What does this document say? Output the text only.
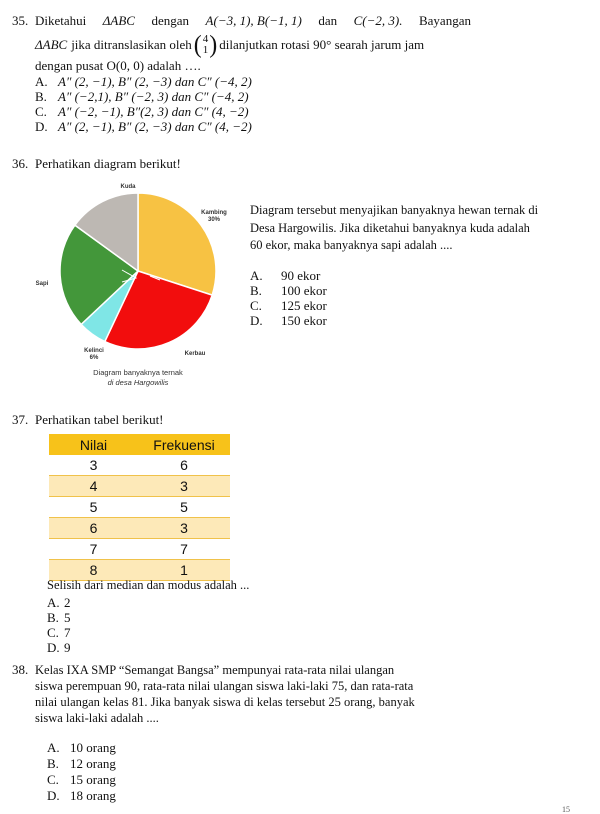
35. Diketahui ΔABC dengan A(−3, 1), B(−1, 1) dan C(−2, 3). Bayangan
ΔABC jika ditranslasikan oleh ( 4
1 ) dilanjutkan rotasi 90° searah jarum jam
dengan pusat O(0, 0) adalah ….
A. A″ (2, −1), B″ (2, −3) dan C″ (−4, 2)
B. A″ (−2,1), B″ (−2, 3) dan C″ (−4, 2)
C. A″ (−2, −1), B″(2, 3) dan C″ (4, −2)
D. A″ (2, −1), B″ (2, −3) dan C″ (4, −2)
36. Perhatikan diagram berikut!
Kuda
Kambing
30%
Sapi
Kelinci
6%
Kerbau
Diagram banyaknya ternak
di desa Hargowilis
Diagram tersebut menyajikan banyaknya hewan ternak di
Desa Hargowilis. Jika diketahui banyaknya kuda adalah
60 ekor, maka banyaknya sapi adalah ....
A. 90 ekor
B. 100 ekor
C. 125 ekor
D. 150 ekor
37. Perhatikan tabel berikut!
Nilai	Frekuensi
3	6
4	3
5	5
6	3
7	7
8	1
Selisih dari median dan modus adalah ...
A. 2
B. 5
C. 7
D. 9
38. Kelas IXA SMP “Semangat Bangsa” mempunyai rata-rata nilai ulangan
siswa perempuan 90, rata-rata nilai ulangan siswa laki-laki 75, dan rata-rata
nilai ulangan kelas 81. Jika banyak siswa di kelas tersebut 25 orang, banyak
siswa laki-laki adalah ....
A. 10 orang
B. 12 orang
C. 15 orang
D. 18 orang
15
